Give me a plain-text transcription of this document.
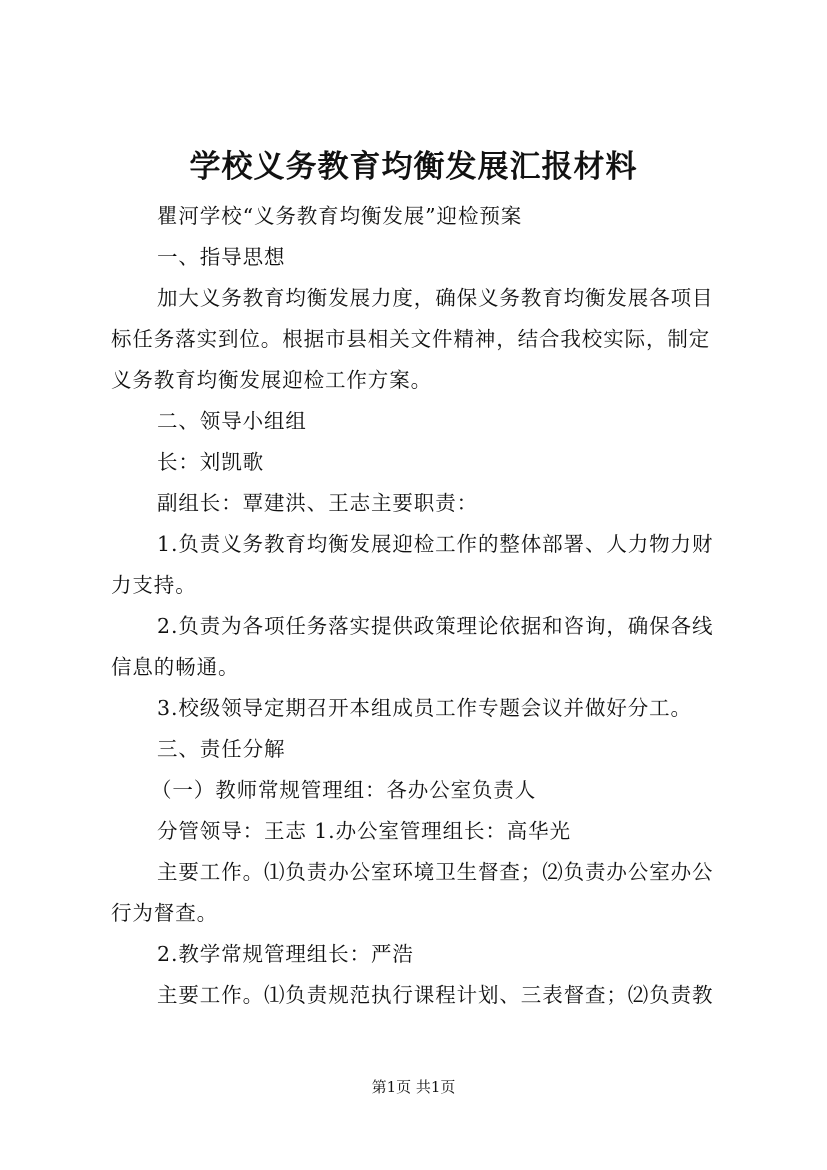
学校义务教育均衡发展汇报材料
瞿河学校“义务教育均衡发展”迎检预案
一、指导思想
加大义务教育均衡发展力度，确保义务教育均衡发展各项目
标任务落实到位。根据市县相关文件精神，结合我校实际，制定
义务教育均衡发展迎检工作方案。
二、领导小组组
长：刘凯歌
副组长：覃建洪、王志主要职责：
1.负责义务教育均衡发展迎检工作的整体部署、人力物力财
力支持。
2.负责为各项任务落实提供政策理论依据和咨询，确保各线
信息的畅通。
3.校级领导定期召开本组成员工作专题会议并做好分工。
三、责任分解
（一）教师常规管理组：各办公室负责人
分管领导：王志 1.办公室管理组长：高华光
主要工作。⑴负责办公室环境卫生督查；⑵负责办公室办公
行为督查。
2.教学常规管理组长：严浩
主要工作。⑴负责规范执行课程计划、三表督查；⑵负责教
第1页 共1页
